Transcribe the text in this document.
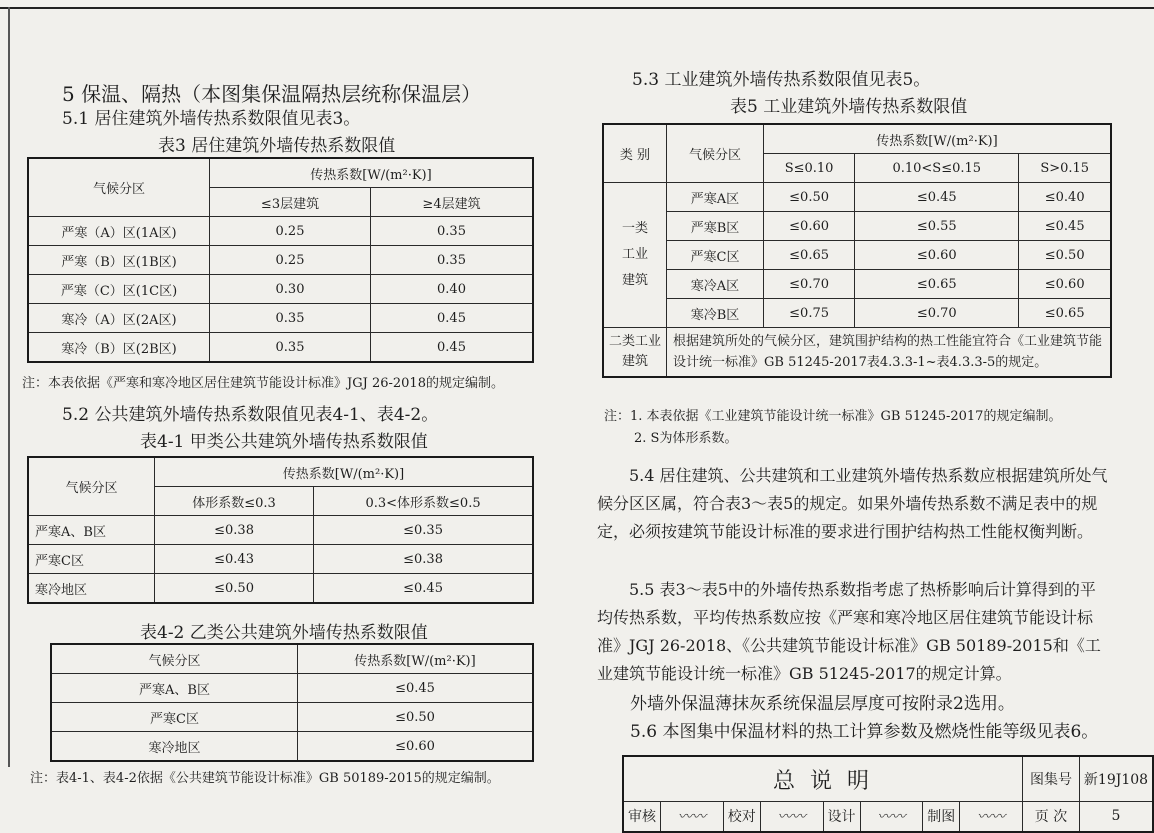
5 保温、隔热（本图集保温隔热层统称保温层）
5.1 居住建筑外墙传热系数限值见表3。
表3 居住建筑外墙传热系数限值
气候分区	传热系数[W/(m²·K)]	
	≤3层建筑	≥4层建筑
严寒（A）区(1A区)	0.25	0.35
严寒（B）区(1B区)	0.25	0.35
严寒（C）区(1C区)	0.30	0.40
寒冷（A）区(2A区)	0.35	0.45
寒冷（B）区(2B区)	0.35	0.45
注：本表依据《严寒和寒冷地区居住建筑节能设计标准》JGJ 26-2018的规定编制。
5.2 公共建筑外墙传热系数限值见表4-1、表4-2。
表4-1 甲类公共建筑外墙传热系数限值
气候分区	传热系数[W/(m²·K)]	
	体形系数≤0.3	0.3<体形系数≤0.5
严寒A、B区	≤0.38	≤0.35
严寒C区	≤0.43	≤0.38
寒冷地区	≤0.50	≤0.45
表4-2 乙类公共建筑外墙传热系数限值
气候分区	传热系数[W/(m²·K)]
严寒A、B区	≤0.45
严寒C区	≤0.50
寒冷地区	≤0.60
注：表4-1、表4-2依据《公共建筑节能设计标准》GB 50189-2015的规定编制。
5.3 工业建筑外墙传热系数限值见表5。
表5 工业建筑外墙传热系数限值
类 别	气候分区	传热系数[W/(m²·K)]		
		S≤0.10	0.10<S≤0.15	S>0.15

一类工业建筑	严寒A区	≤0.50	≤0.45	≤0.40
	严寒B区	≤0.60	≤0.55	≤0.45
	严寒C区	≤0.65	≤0.60	≤0.50
	寒冷A区	≤0.70	≤0.65	≤0.60
	寒冷B区	≤0.75	≤0.70	≤0.65

二类工业建筑	根据建筑所处的气候分区，建筑围护结构的热工性能宜符合《工业建筑节能设计统一标准》GB 51245-2017表4.3.3-1~表4.3.3-5的规定。			
注：1. 本表依据《工业建筑节能设计统一标准》GB 51245-2017的规定编制。
2. S为体形系数。
5.4 居住建筑、公共建筑和工业建筑外墙传热系数应根据建筑所处气候分区区属，符合表3～表5的规定。如果外墙传热系数不满足表中的规定，必须按建筑节能设计标准的要求进行围护结构热工性能权衡判断。
5.5 表3～表5中的外墙传热系数指考虑了热桥影响后计算得到的平均传热系数，平均传热系数应按《严寒和寒冷地区居住建筑节能设计标准》JGJ 26-2018、《公共建筑节能设计标准》GB 50189-2015和《工业建筑节能设计统一标准》GB 51245-2017的规定计算。
外墙外保温薄抹灰系统保温层厚度可按附录2选用。
5.6 本图集中保温材料的热工计算参数及燃烧性能等级见表6。
总 说 明								图集号	新19J108
审核	〰〰	校对	〰〰	设计	〰〰	制图	〰〰	页 次	5
